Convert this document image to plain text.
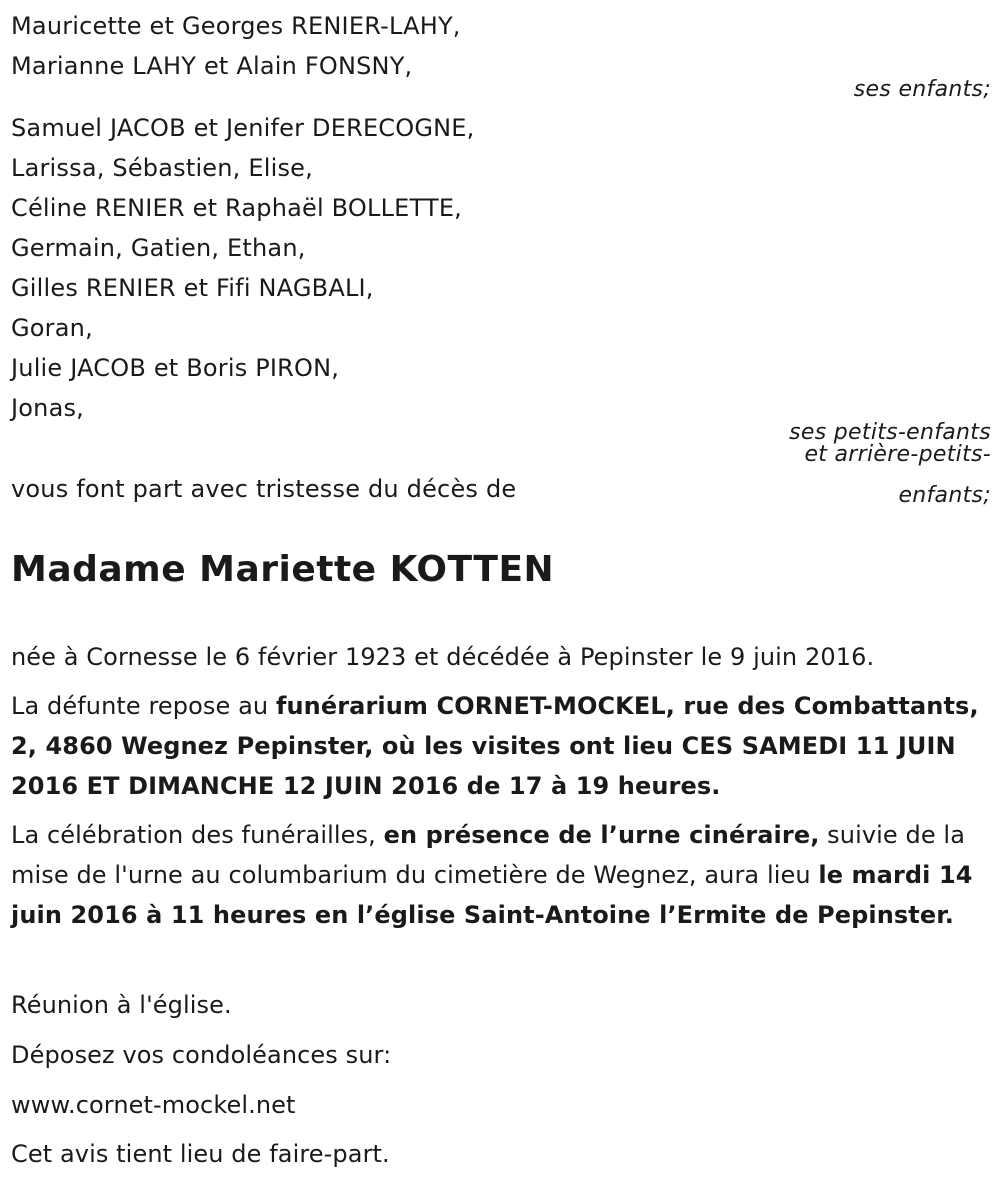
Mauricette et Georges RENIER-LAHY,
Marianne LAHY et Alain FONSNY,
ses enfants;
Samuel JACOB et Jenifer DERECOGNE,
Larissa, Sébastien, Elise,
Céline RENIER et Raphaël BOLLETTE,
Germain, Gatien, Ethan,
Gilles RENIER et Fifi NAGBALI,
Goran,
Julie JACOB et Boris PIRON,
Jonas,
ses petits-enfants
et arrière-petits-
enfants;
vous font part avec tristesse du décès de
Madame Mariette KOTTEN
née à Cornesse le 6 février 1923 et décédée à Pepinster le 9 juin 2016.
La défunte repose au funérarium CORNET-MOCKEL, rue des Combattants, 2, 4860 Wegnez Pepinster, où les visites ont lieu CES SAMEDI 11 JUIN 2016 ET DIMANCHE 12 JUIN 2016 de 17 à 19 heures.
La célébration des funérailles, en présence de l’urne cinéraire, suivie de la mise de l'urne au columbarium du cimetière de Wegnez, aura lieu le mardi 14 juin 2016 à 11 heures en l’église Saint-Antoine l’Ermite de Pepinster.
Réunion à l'église.
Déposez vos condoléances sur:
www.cornet-mockel.net
Cet avis tient lieu de faire-part.
